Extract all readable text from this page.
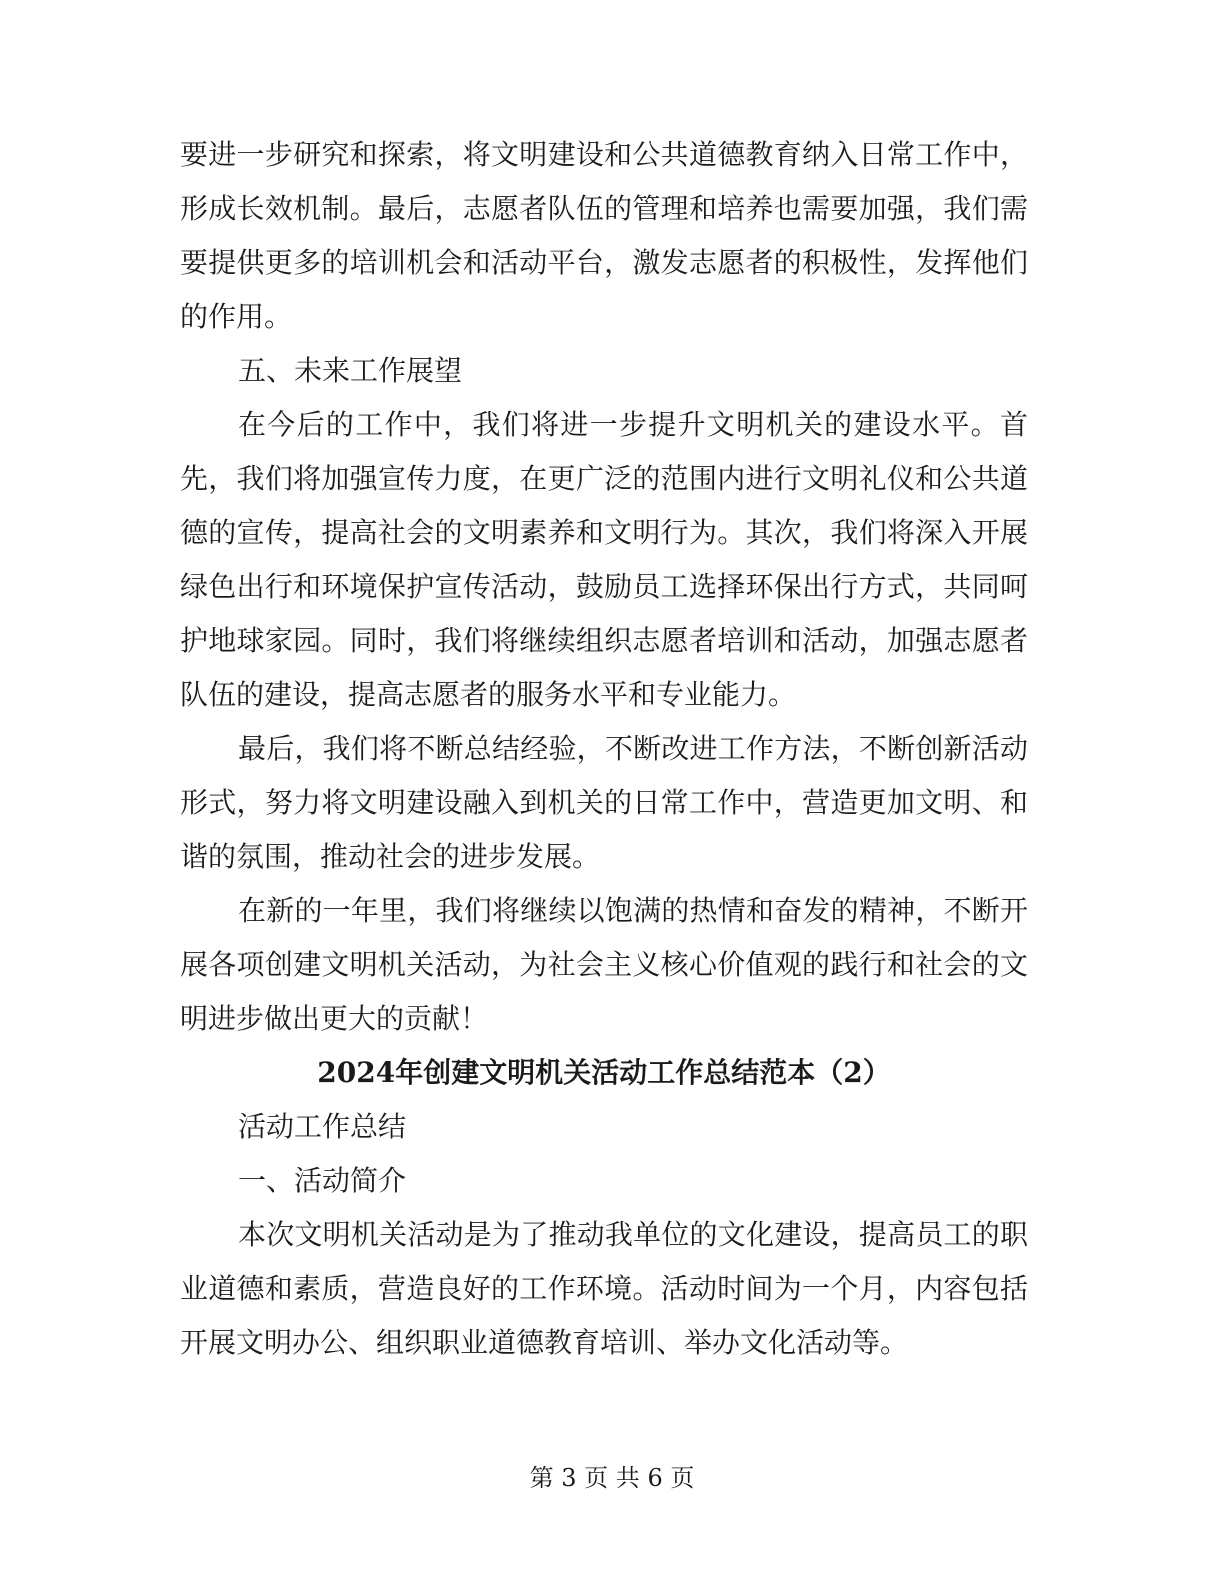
要进一步研究和探索，将文明建设和公共道德教育纳入日常工作中，形成长效机制。最后，志愿者队伍的管理和培养也需要加强，我们需要提供更多的培训机会和活动平台，激发志愿者的积极性，发挥他们的作用。

五、未来工作展望

在今后的工作中，我们将进一步提升文明机关的建设水平。首先，我们将加强宣传力度，在更广泛的范围内进行文明礼仪和公共道德的宣传，提高社会的文明素养和文明行为。其次，我们将深入开展绿色出行和环境保护宣传活动，鼓励员工选择环保出行方式，共同呵护地球家园。同时，我们将继续组织志愿者培训和活动，加强志愿者队伍的建设，提高志愿者的服务水平和专业能力。

最后，我们将不断总结经验，不断改进工作方法，不断创新活动形式，努力将文明建设融入到机关的日常工作中，营造更加文明、和谐的氛围，推动社会的进步发展。

在新的一年里，我们将继续以饱满的热情和奋发的精神，不断开展各项创建文明机关活动，为社会主义核心价值观的践行和社会的文明进步做出更大的贡献！

2024年创建文明机关活动工作总结范本（2）

活动工作总结

一、活动简介

本次文明机关活动是为了推动我单位的文化建设，提高员工的职业道德和素质，营造良好的工作环境。活动时间为一个月，内容包括开展文明办公、组织职业道德教育培训、举办文化活动等。

第 3 页 共 6 页
